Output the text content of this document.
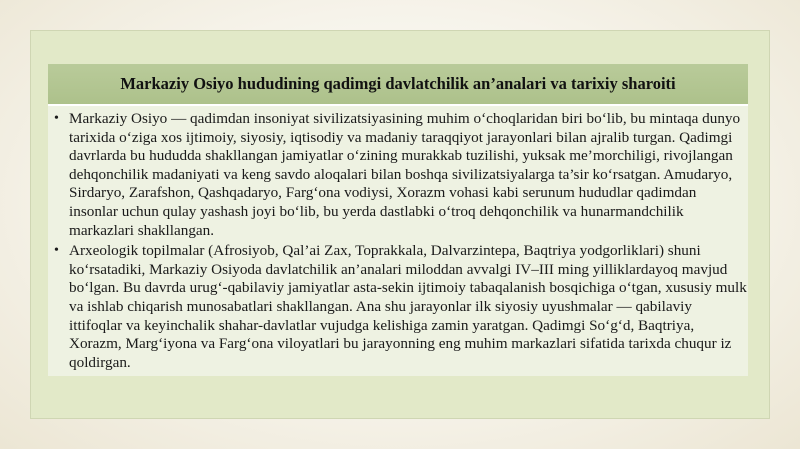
Markaziy Osiyo hududining qadimgi davlatchilik an’analari va tarixiy sharoiti
• Markaziy Osiyo — qadimdan insoniyat sivilizatsiyasining muhim oʻchoqlaridan biri boʻlib, bu mintaqa dunyo tarixida oʻziga xos ijtimoiy, siyosiy, iqtisodiy va madaniy taraqqiyot jarayonlari bilan ajralib turgan. Qadimgi davrlarda bu hududda shakllangan jamiyatlar oʻzining murakkab tuzilishi, yuksak me’morchiligi, rivojlangan dehqonchilik madaniyati va keng savdo aloqalari bilan boshqa sivilizatsiyalarga ta’sir koʻrsatgan. Amudaryo, Sirdaryo, Zarafshon, Qashqadaryo, Fargʻona vodiysi, Xorazm vohasi kabi serunum hududlar qadimdan insonlar uchun qulay yashash joyi boʻlib, bu yerda dastlabki oʻtroq dehqonchilik va hunarmandchilik markazlari shakllangan.
• Arxeologik topilmalar (Afrosiyob, Qal’ai Zax, Toprakkala, Dalvarzintepa, Baqtriya yodgorliklari) shuni koʻrsatadiki, Markaziy Osiyoda davlatchilik an’analari miloddan avvalgi IV–III ming yilliklardayoq mavjud boʻlgan. Bu davrda urugʻ-qabilaviy jamiyatlar asta-sekin ijtimoiy tabaqalanish bosqichiga oʻtgan, xususiy mulk va ishlab chiqarish munosabatlari shakllangan. Ana shu jarayonlar ilk siyosiy uyushmalar — qabilaviy ittifoqlar va keyinchalik shahar-davlatlar vujudga kelishiga zamin yaratgan. Qadimgi Soʻgʻd, Baqtriya, Xorazm, Margʻiyona va Fargʻona viloyatlari bu jarayonning eng muhim markazlari sifatida tarixda chuqur iz qoldirgan.
